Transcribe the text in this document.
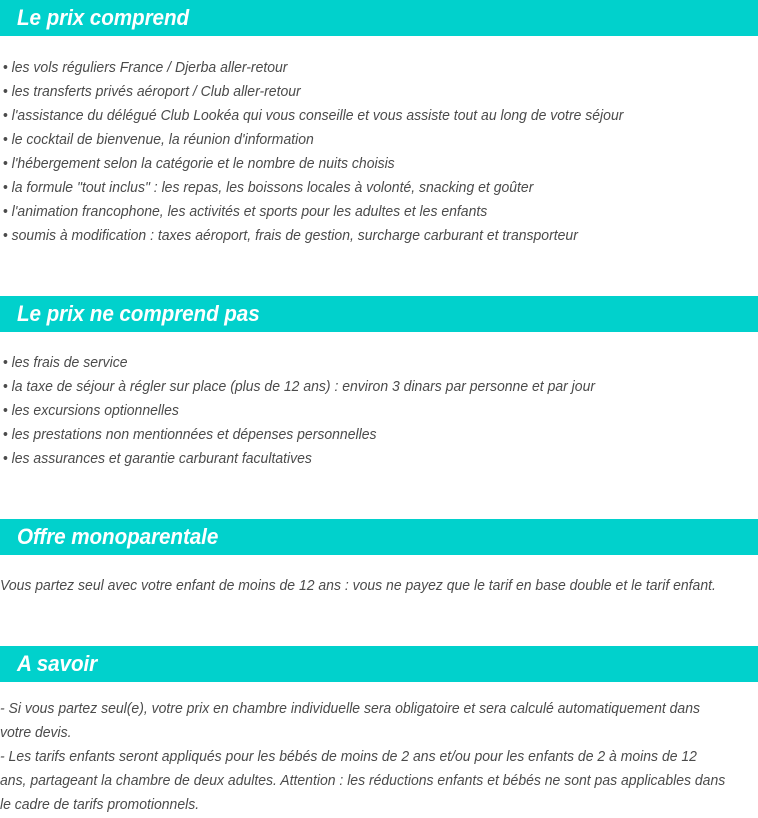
Le prix comprend
• les vols réguliers France / Djerba aller-retour
• les transferts privés aéroport / Club aller-retour
• l'assistance du délégué Club Lookéa qui vous conseille et vous assiste tout au long de votre séjour
• le cocktail de bienvenue, la réunion d'information
• l'hébergement selon la catégorie et le nombre de nuits choisis
• la formule "tout inclus" : les repas, les boissons locales à volonté, snacking et goûter
• l'animation francophone, les activités et sports pour les adultes et les enfants
• soumis à modification : taxes aéroport, frais de gestion, surcharge carburant et transporteur
Le prix ne comprend pas
• les frais de service
• la taxe de séjour à régler sur place (plus de 12 ans) : environ 3 dinars par personne et par jour
• les excursions optionnelles
• les prestations non mentionnées et dépenses personnelles
• les assurances et garantie carburant facultatives
Offre monoparentale

Vous partez seul avec votre enfant de moins de 12 ans : vous ne payez que le tarif en base double et le tarif enfant.

A savoir

- Si vous partez seul(e), votre prix en chambre individuelle sera obligatoire et sera calculé automatiquement dans votre devis.

- Les tarifs enfants seront appliqués pour les bébés de moins de 2 ans et/ou pour les enfants de 2 à moins de 12 ans, partageant la chambre de deux adultes. Attention : les réductions enfants et bébés ne sont pas applicables dans le cadre de tarifs promotionnels.
